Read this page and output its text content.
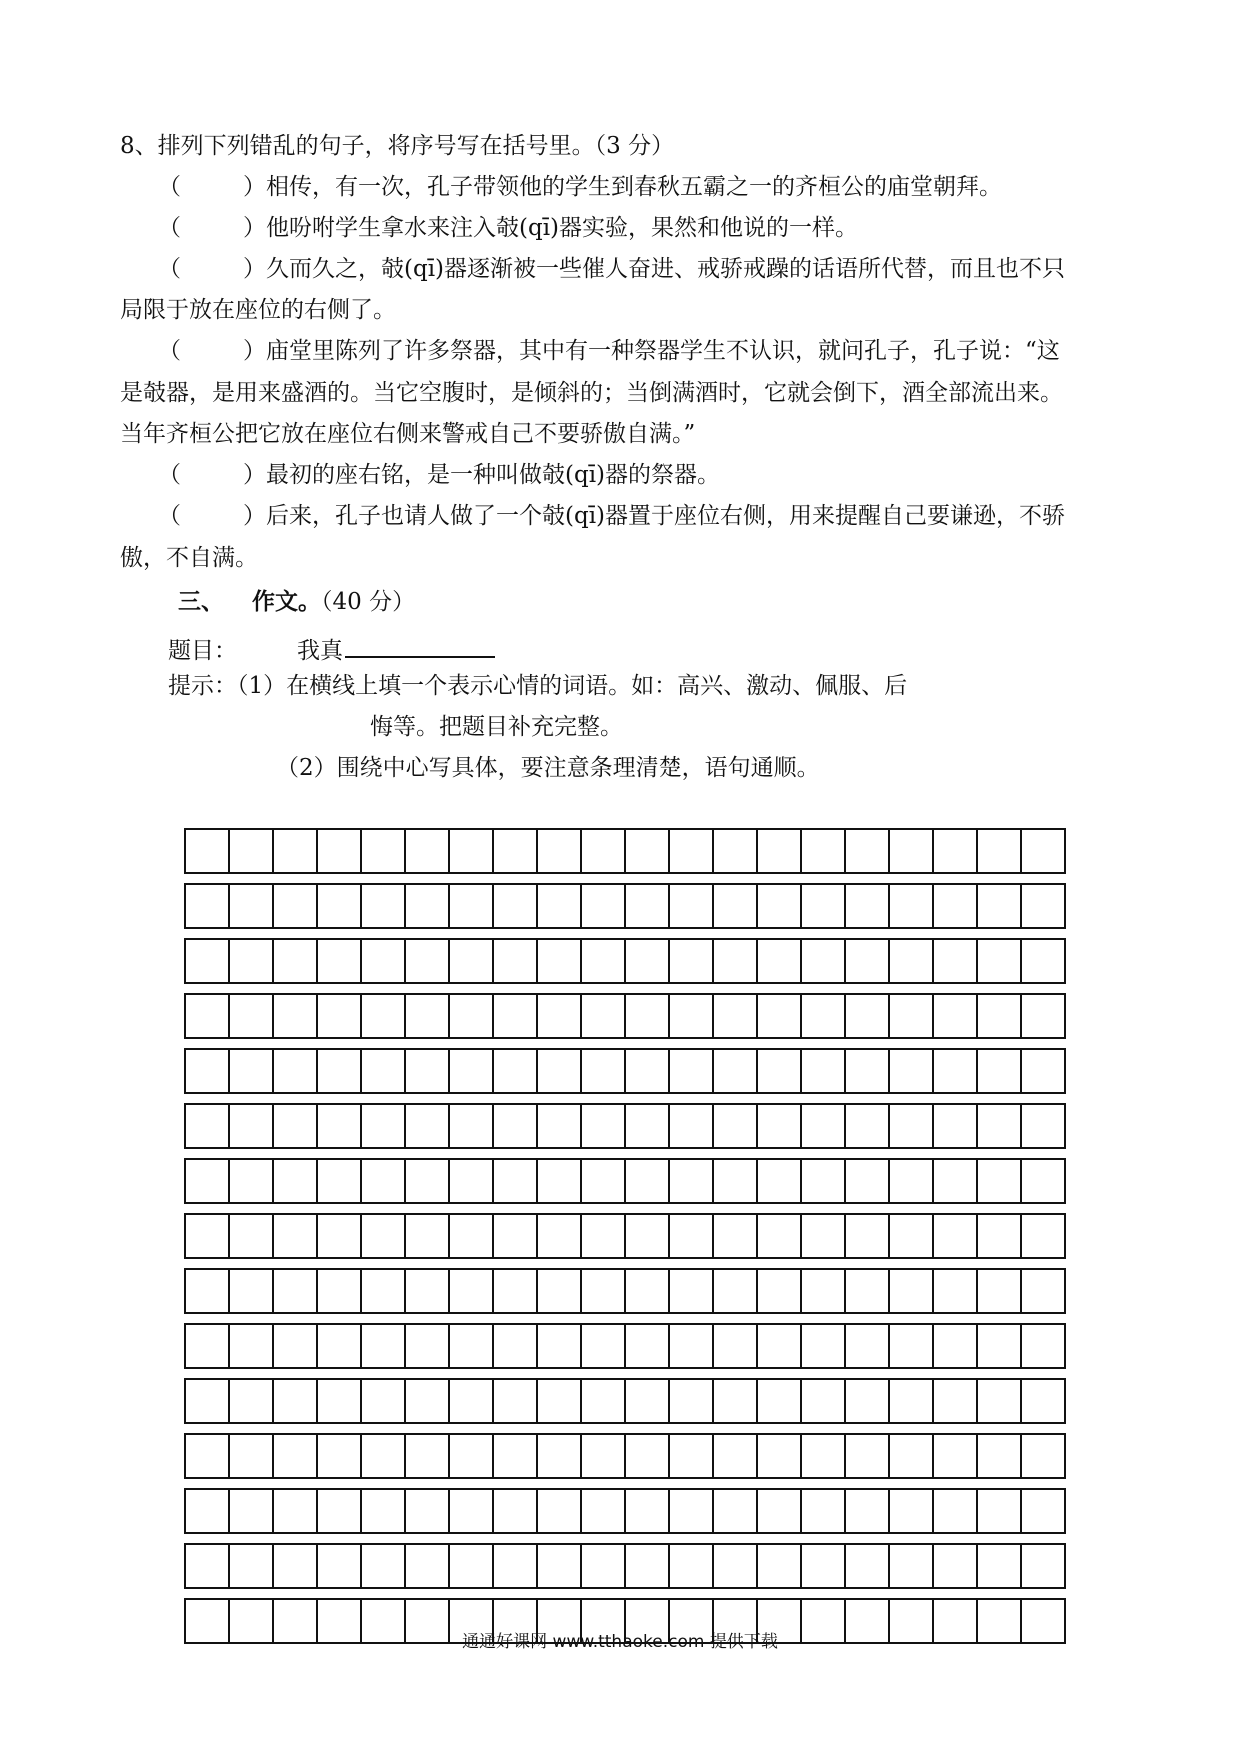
8、排列下列错乱的句子，将序号写在括号里。（3 分）
（	）相传，有一次，孔子带领他的学生到春秋五霸之一的齐桓公的庙堂朝拜。
（	）他吩咐学生拿水来注入攲(qī)器实验，果然和他说的一样。
（	）久而久之，攲(qī)器逐渐被一些催人奋进、戒骄戒躁的话语所代替，而且也不只
局限于放在座位的右侧了。
（	）庙堂里陈列了许多祭器，其中有一种祭器学生不认识，就问孔子，孔子说：“这
是攲器，是用来盛酒的。当它空腹时，是倾斜的；当倒满酒时，它就会倒下，酒全部流出来。
当年齐桓公把它放在座位右侧来警戒自己不要骄傲自满。”
（	）最初的座右铭，是一种叫做攲(qī)器的祭器。
（	）后来，孔子也请人做了一个攲(qī)器置于座位右侧，用来提醒自己要谦逊，不骄
傲，不自满。
三、 作文。（40 分）
题目：	我真
提示：（1）在横线上填一个表示心情的词语。如：高兴、激动、佩服、后
悔等。把题目补充完整。
（2）围绕中心写具体，要注意条理清楚，语句通顺。
通通好课网 www.tthaoke.com 提供下载
